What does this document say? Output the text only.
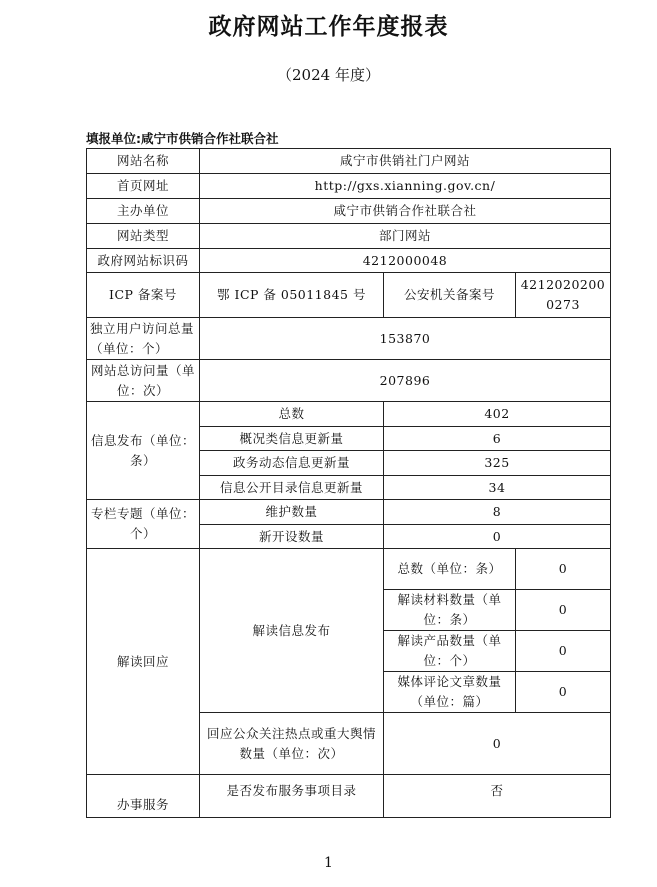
政府网站工作年度报表
（2024 年度）
填报单位:咸宁市供销合作社联合社
网站名称	咸宁市供销社门户网站		
首页网址	http://gxs.xianning.gov.cn/		
主办单位	咸宁市供销合作社联合社		
网站类型	部门网站		
政府网站标识码	4212000048		
ICP 备案号	鄂 ICP 备 05011845 号	公安机关备案号	42120202000273
独立用户访问总量（单位：个）	153870		
网站总访问量（单位：次）	207896		
信息发布（单位：条）	总数	402	
	概况类信息更新量	6	
	政务动态信息更新量	325	
	信息公开目录信息更新量	34	
专栏专题（单位：个）	维护数量	8	
	新开设数量	0	
解读回应	解读信息发布	总数（单位：条）	0
		解读材料数量（单位：条）	0
		解读产品数量（单位：个）	0
		媒体评论文章数量（单位：篇）	0
	回应公众关注热点或重大舆情数量（单位：次）	0	
办事服务	是否发布服务事项目录	否	
1
